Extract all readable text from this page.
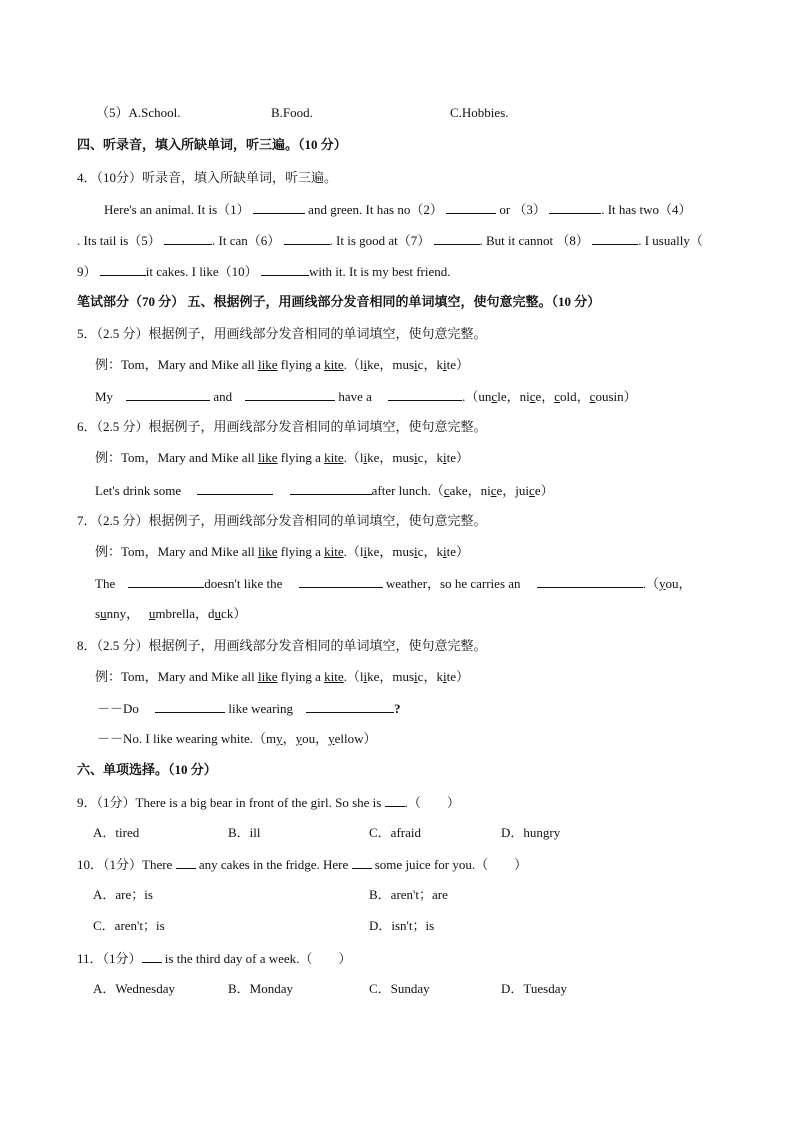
（5）A.School.	B.Food.	C.Hobbies.
四、听录音，填入所缺单词，听三遍。（10 分）
4．（10分）听录音，填入所缺单词，听三遍。
Here's an animal. It is（1）	and green. It has no（2）	or （3）	. It has two（4）
. Its tail is（5）	. It can（6）	. It is good at（7）	. But it cannot （8）	. I usually（
9）	it cakes. I like（10）	with it. It is my best friend.
笔试部分（70 分） 五、根据例子，用画线部分发音相同的单词填空，使句意完整。（10 分）
5．（2.5 分）根据例子，用画线部分发音相同的单词填空，使句意完整。
例：Tom，Mary and Mike all like flying a kite.（like，music，kite）
My	and	have a	.（uncle，nice，cold，cousin）
6．（2.5 分）根据例子，用画线部分发音相同的单词填空，使句意完整。
例：Tom，Mary and Mike all like flying a kite.（like，music，kite）
Let's drink some	after lunch.（cake，nice，juice）
7．（2.5 分）根据例子，用画线部分发音相同的单词填空，使句意完整。
例：Tom，Mary and Mike all like flying a kite.（like，music，kite）
The	doesn't like the	weather，so he carries an	.（you，
sunny， umbrella，duck）
8．（2.5 分）根据例子，用画线部分发音相同的单词填空，使句意完整。
例：Tom，Mary and Mike all like flying a kite.（like，music，kite）
－－Do	like wearing	?
－－No. I like wearing white.（my，you，yellow）
六、单项选择。（10 分）
9．（1分）There is a big bear in front of the girl. So she is .（　　）
A．tired	B．ill	C．afraid	D．hungry
10．（1分）There any cakes in the fridge. Here some juice for you.（　　）
A．are；is	B．aren't；are
C．aren't；is	D．isn't；is
11．（1分） is the third day of a week.（　　）
A．Wednesday	B．Monday	C．Sunday	D．Tuesday
